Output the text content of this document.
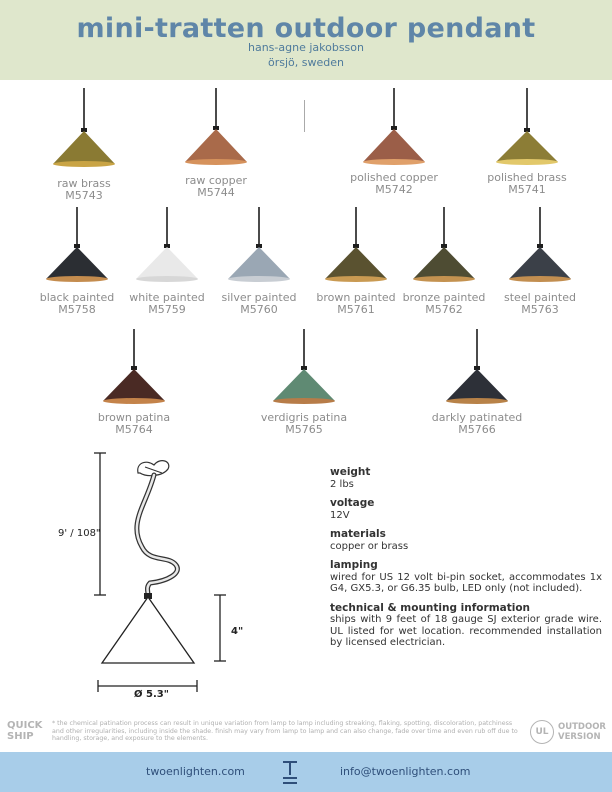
mini-tratten outdoor pendant
hans-agne jakobsson
örsjö, sweden
raw brass
M5743
raw copper
M5744
polished copper
M5742
polished brass
M5741
black painted
M5758
white painted
M5759
silver painted
M5760
brown painted
M5761
bronze painted
M5762
steel painted
M5763
brown patina
M5764
verdigris patina
M5765
darkly patinated
M5766
9' / 108"
4"
Ø 5.3"
weight
2 lbs
voltage
12V
materials
copper or brass
lamping
wired for US 12 volt bi-pin socket, accommodates 1x G4, GX5.3, or G6.35 bulb, LED only (not included).
technical & mounting information
ships with 9 feet of 18 gauge SJ exterior grade wire. UL listed for wet location. recommended installation by licensed electrician.
QUICK
SHIP
* the chemical patination process can result in unique variation from lamp to lamp including streaking, flaking, spotting, discoloration, patchiness and other irregularities, including inside the shade. finish may vary from lamp to lamp and can also change, fade over time and even rub off due to handling, storage, and exposure to the elements.
UL	OUTDOOR
VERSION
twoenlighten.com	info@twoenlighten.com
